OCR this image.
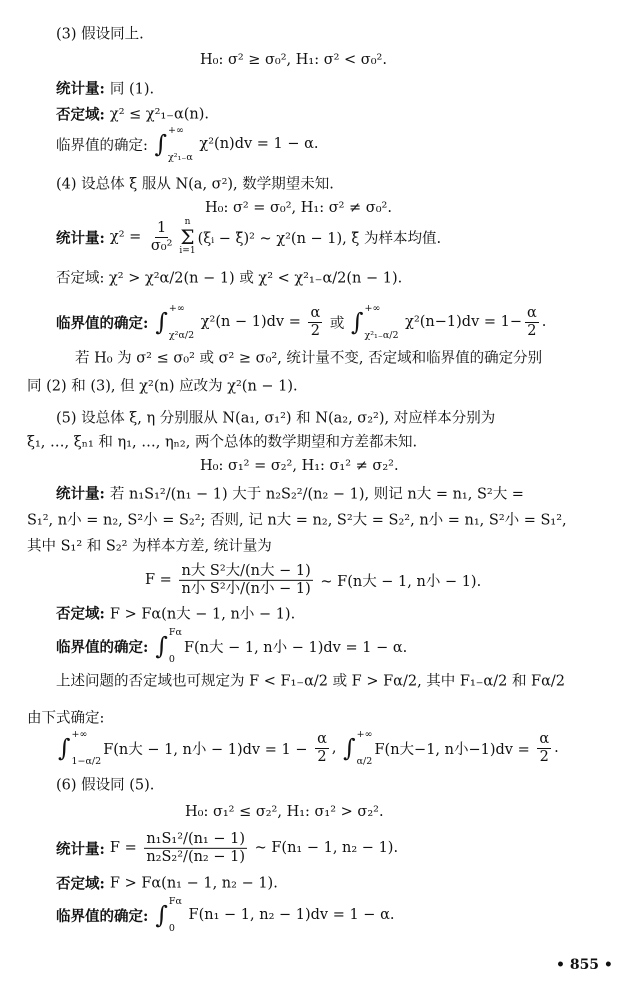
(3) 假设同上.
H₀: σ² ≥ σ₀², H₁: σ² < σ₀².
统计量: 同 (1).
否定域: χ² ≤ χ²₁₋α(n).
临界值的确定: ∫ +∞
χ²₁₋α
χ²(n)dv = 1 − α.
(4) 设总体 ξ 服从 N(a, σ²), 数学期望未知.
H₀: σ² = σ₀², H₁: σ² ≠ σ₀².
统计量: $\chi^2 = \frac{1}{\text{σ₀²}}$ n
Σ
i=1
(ξᵢ − ξ̄)² ~ χ²(n − 1), ξ̄ 为样本均值.
否定域: χ² > χ²α/2(n − 1) 或 χ² < χ²₁₋α/2(n − 1).
临界值的确定: ∫ +∞
χ²α/2
$\chi^2(n - 1)dv = \frac{\alpha}{2}$ 或 ∫ +∞
χ²₁₋α/2
$\chi^2(n-1)dv = 1- \frac{\alpha}{2}$ .
若 H₀ 为 σ² ≤ σ₀² 或 σ² ≥ σ₀², 统计量不变, 否定域和临界值的确定分别
同 (2) 和 (3), 但 χ²(n) 应改为 χ²(n − 1).
(5) 设总体 ξ, η 分别服从 N(a₁, σ₁²) 和 N(a₂, σ₂²), 对应样本分别为
ξ₁, …, ξₙ₁ 和 η₁, …, ηₙ₂, 两个总体的数学期望和方差都未知.
H₀: σ₁² = σ₂², H₁: σ₁² ≠ σ₂².
统计量: 若 n₁S₁²/(n₁ − 1) 大于 n₂S₂²/(n₂ − 1), 则记 n大 = n₁, S²大 =
S₁², n小 = n₂, S²小 = S₂²; 否则, 记 n大 = n₂, S²大 = S₂², n小 = n₁, S²小 = S₁²,
其中 S₁² 和 S₂² 为样本方差, 统计量为
$F = \frac{\text{n大 S²大/(n大 − 1)}}{\text{n小 S²小/(n小 − 1)}}$ ~ F(n大 − 1, n小 − 1).
否定域: F > Fα(n大 − 1, n小 − 1).
临界值的确定: ∫ Fα
0
F(n大 − 1, n小 − 1)dv = 1 − α.
上述问题的否定域也可规定为 F < F₁₋α/2 或 F > Fα/2, 其中 F₁₋α/2 和 Fα/2
由下式确定:
∫ +∞
1−α/2
F(n大 − 1, n小 − $1)dv = 1 - \frac{\alpha}{2}$ , ∫ +∞
α/2
F(n大−1, n小$-1)dv = \frac{\alpha}{2}$ .
(6) 假设同 (5).
H₀: σ₁² ≤ σ₂², H₁: σ₁² > σ₂².
统计量: $F = \frac{\text{n₁S₁²/(n₁ − 1)}}{\text{n₂S₂²/(n₂ − 1)}}$ ~ F(n₁ − 1, n₂ − 1).
否定域: F > Fα(n₁ − 1, n₂ − 1).
临界值的确定: ∫ Fα
0
F(n₁ − 1, n₂ − 1)dv = 1 − α.
• 855 •
